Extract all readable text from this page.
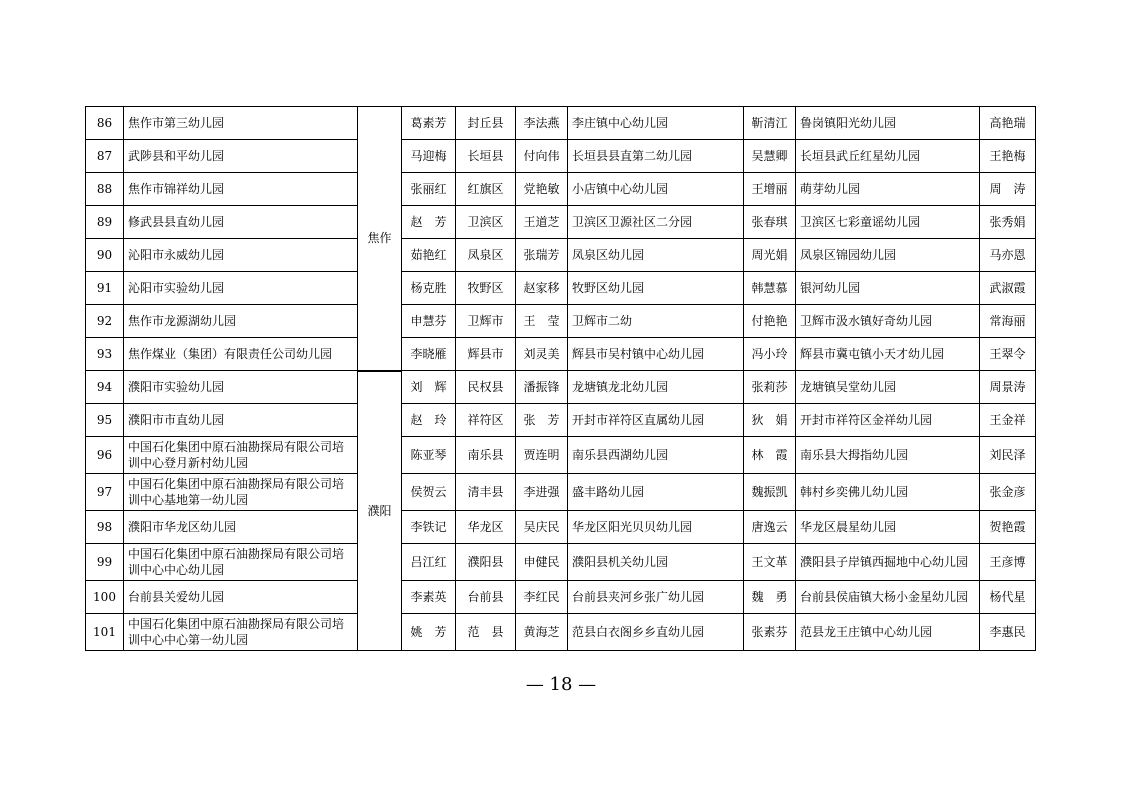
86	焦作市第三幼儿园	焦作	葛素芳	封丘县	李法燕	李庄镇中心幼儿园	靳清江	鲁岗镇阳光幼儿园	高艳瑞
87	武陟县和平幼儿园		马迎梅	长垣县	付向伟	长垣县县直第二幼儿园	吴慧卿	长垣县武丘红星幼儿园	王艳梅
88	焦作市锦祥幼儿园		张丽红	红旗区	党艳敏	小店镇中心幼儿园	王增丽	萌芽幼儿园	周　涛
89	修武县县直幼儿园		赵　芳	卫滨区	王道芝	卫滨区卫源社区二分园	张春琪	卫滨区七彩童谣幼儿园	张秀娟
90	沁阳市永威幼儿园		茹艳红	凤泉区	张瑞芳	凤泉区幼儿园	周光娟	凤泉区锦园幼儿园	马亦恩
91	沁阳市实验幼儿园		杨克胜	牧野区	赵家移	牧野区幼儿园	韩慧慕	银河幼儿园	武淑霞
92	焦作市龙源湖幼儿园		申慧芬	卫辉市	王　莹	卫辉市二幼	付艳艳	卫辉市汲水镇好奇幼儿园	常海丽
93	焦作煤业（集团）有限责任公司幼儿园		李晓雁	辉县市	刘灵美	辉县市吴村镇中心幼儿园	冯小玲	辉县市冀屯镇小天才幼儿园	王翠令
94	濮阳市实验幼儿园	濮阳	刘　辉	民权县	潘振锋	龙塘镇龙北幼儿园	张莉莎	龙塘镇吴堂幼儿园	周景涛
95	濮阳市市直幼儿园		赵　玲	祥符区	张　芳	开封市祥符区直属幼儿园	狄　娟	开封市祥符区金祥幼儿园	王金祥
96	中国石化集团中原石油勘探局有限公司培训中心登月新村幼儿园		陈亚琴	南乐县	贾连明	南乐县西湖幼儿园	林　霞	南乐县大拇指幼儿园	刘民泽
97	中国石化集团中原石油勘探局有限公司培训中心基地第一幼儿园		侯贺云	清丰县	李进强	盛丰路幼儿园	魏振凯	韩村乡奕佛儿幼儿园	张金彦
98	濮阳市华龙区幼儿园		李铁记	华龙区	吴庆民	华龙区阳光贝贝幼儿园	唐逸云	华龙区晨星幼儿园	贺艳霞
99	中国石化集团中原石油勘探局有限公司培训中心中心幼儿园		吕江红	濮阳县	申健民	濮阳县机关幼儿园	王文革	濮阳县子岸镇西掘地中心幼儿园	王彦博
100	台前县关爱幼儿园		李素英	台前县	李红民	台前县夹河乡张广幼儿园	魏　勇	台前县侯庙镇大杨小金星幼儿园	杨代星
101	中国石化集团中原石油勘探局有限公司培训中心中心第一幼儿园		姚　芳	范　县	黄海芝	范县白衣阁乡乡直幼儿园	张素芬	范县龙王庄镇中心幼儿园	李惠民
— 18 —
